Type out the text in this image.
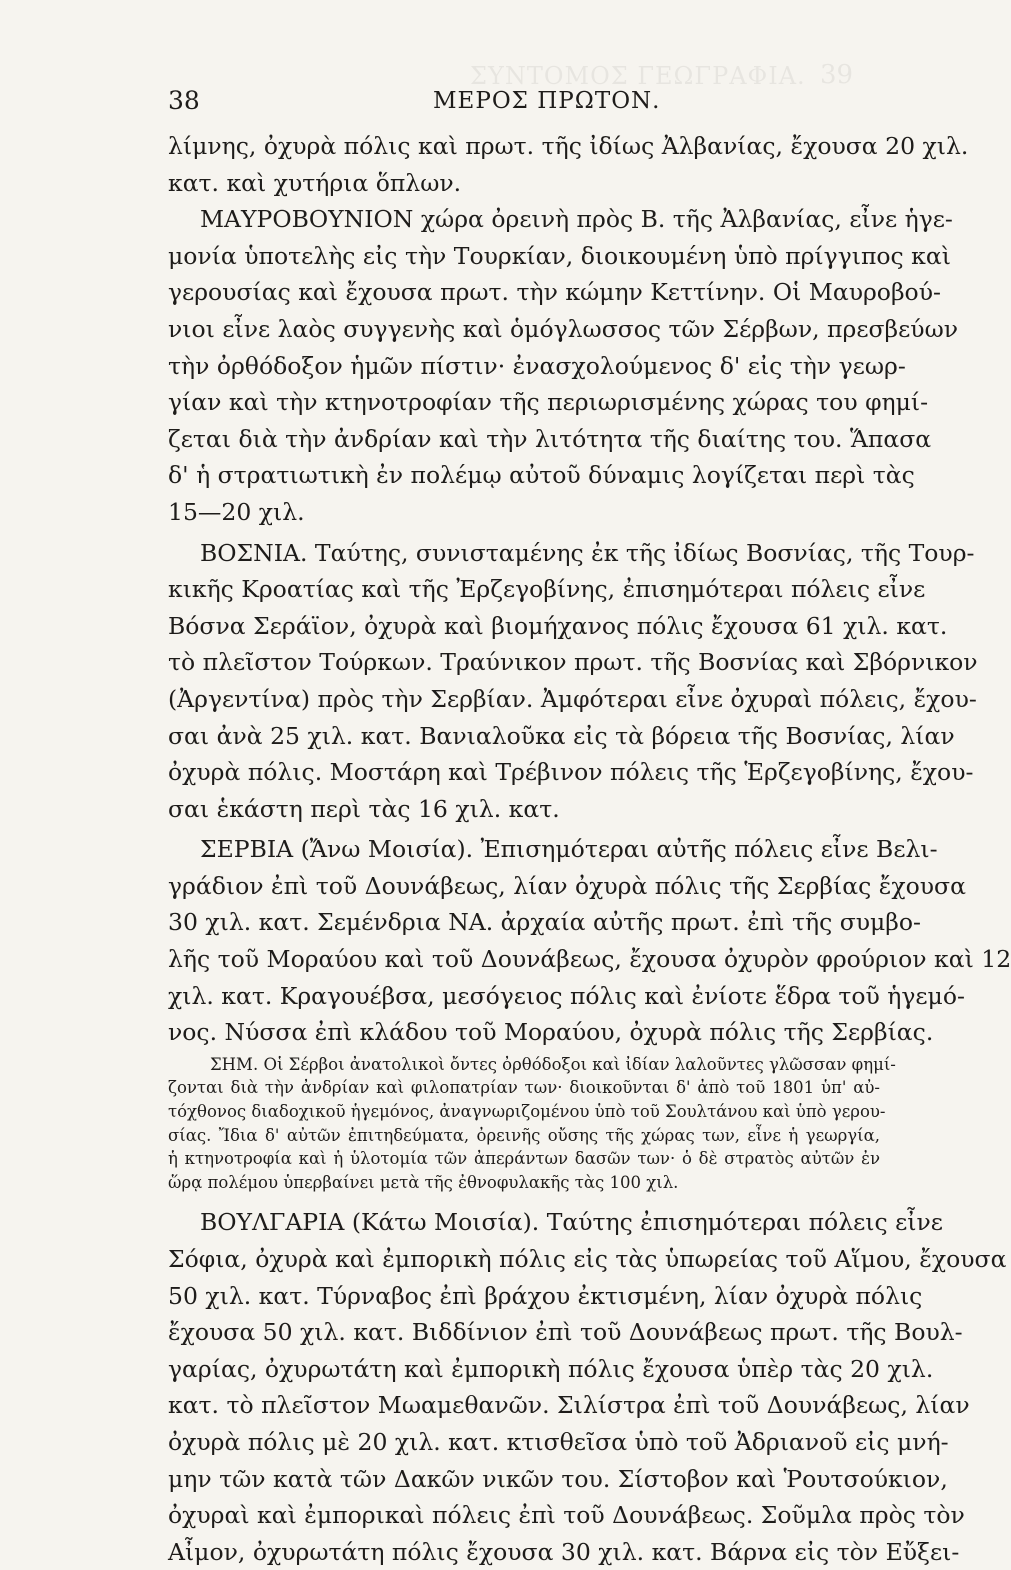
ΣΥΝΤΟΜΟΣ ΓΕΩΓΡΑΦΙΑ. 39
38	ΜΕΡΟΣ ΠΡΩΤΟΝ.
λίμνης, ὀχυρὰ πόλις καὶ πρωτ. τῆς ἰδίως Ἀλβανίας, ἔχουσα 20 χιλ.
κατ. καὶ χυτήρια ὅπλων.
ΜΑΥΡΟΒΟΥΝΙΟΝ χώρα ὀρεινὴ πρὸς Β. τῆς Ἀλβανίας, εἶνε ἡγε-
μονία ὑποτελὴς εἰς τὴν Τουρκίαν, διοικουμένη ὑπὸ πρίγγιπος καὶ
γερουσίας καὶ ἔχουσα πρωτ. τὴν κώμην Κεττίνην. Οἱ Μαυροβού-
νιοι εἶνε λαὸς συγγενὴς καὶ ὁμόγλωσσος τῶν Σέρβων, πρεσβεύων
τὴν ὀρθόδοξον ἡμῶν πίστιν· ἐνασχολούμενος δ' εἰς τὴν γεωρ-
γίαν καὶ τὴν κτηνοτροφίαν τῆς περιωρισμένης χώρας του φημί-
ζεται διὰ τὴν ἀνδρίαν καὶ τὴν λιτότητα τῆς διαίτης του. Ἅπασα
δ' ἡ στρατιωτικὴ ἐν πολέμῳ αὐτοῦ δύναμις λογίζεται περὶ τὰς
15—20 χιλ.
ΒΟΣΝΙΑ. Ταύτης, συνισταμένης ἐκ τῆς ἰδίως Βοσνίας, τῆς Τουρ-
κικῆς Κροατίας καὶ τῆς Ἐρζεγοβίνης, ἐπισημότεραι πόλεις εἶνε
Βόσνα Σεράϊον, ὀχυρὰ καὶ βιομήχανος πόλις ἔχουσα 61 χιλ. κατ.
τὸ πλεῖστον Τούρκων. Τραύνικον πρωτ. τῆς Βοσνίας καὶ Σβόρνικον
(Ἀργεντίνα) πρὸς τὴν Σερβίαν. Ἀμφότεραι εἶνε ὀχυραὶ πόλεις, ἔχου-
σαι ἀνὰ 25 χιλ. κατ. Βανιαλοῦκα εἰς τὰ βόρεια τῆς Βοσνίας, λίαν
ὀχυρὰ πόλις. Μοστάρη καὶ Τρέβινον πόλεις τῆς Ἑρζεγοβίνης, ἔχου-
σαι ἑκάστη περὶ τὰς 16 χιλ. κατ.
ΣΕΡΒΙΑ (Ἄνω Μοισία). Ἐπισημότεραι αὐτῆς πόλεις εἶνε Βελι-
γράδιον ἐπὶ τοῦ Δουνάβεως, λίαν ὀχυρὰ πόλις τῆς Σερβίας ἔχουσα
30 χιλ. κατ. Σεμένδρια ΝΑ. ἀρχαία αὐτῆς πρωτ. ἐπὶ τῆς συμβο-
λῆς τοῦ Μοραύου καὶ τοῦ Δουνάβεως, ἔχουσα ὀχυρὸν φρούριον καὶ 12
χιλ. κατ. Κραγουέβσα, μεσόγειος πόλις καὶ ἐνίοτε ἕδρα τοῦ ἡγεμό-
νος. Νύσσα ἐπὶ κλάδου τοῦ Μοραύου, ὀχυρὰ πόλις τῆς Σερβίας.
ΣΗΜ. Οἱ Σέρβοι ἀνατολικοὶ ὄντες ὀρθόδοξοι καὶ ἰδίαν λαλοῦντες γλῶσσαν φημί-
ζονται διὰ τὴν ἀνδρίαν καὶ φιλοπατρίαν των· διοικοῦνται δ' ἀπὸ τοῦ 1801 ὑπ' αὐ-
τόχθονος διαδοχικοῦ ἡγεμόνος, ἀναγνωριζομένου ὑπὸ τοῦ Σουλτάνου καὶ ὑπὸ γερου-
σίας. Ἴδια δ' αὐτῶν ἐπιτηδεύματα, ὀρεινῆς οὔσης τῆς χώρας των, εἶνε ἡ γεωργία,
ἡ κτηνοτροφία καὶ ἡ ὑλοτομία τῶν ἀπεράντων δασῶν των· ὁ δὲ στρατὸς αὐτῶν ἐν
ὥρᾳ πολέμου ὑπερβαίνει μετὰ τῆς ἐθνοφυλακῆς τὰς 100 χιλ.
ΒΟΥΛΓΑΡΙΑ (Κάτω Μοισία). Ταύτης ἐπισημότεραι πόλεις εἶνε
Σόφια, ὀχυρὰ καὶ ἐμπορικὴ πόλις εἰς τὰς ὑπωρείας τοῦ Αἵμου, ἔχουσα
50 χιλ. κατ. Τύρναβος ἐπὶ βράχου ἐκτισμένη, λίαν ὀχυρὰ πόλις
ἔχουσα 50 χιλ. κατ. Βιδδίνιον ἐπὶ τοῦ Δουνάβεως πρωτ. τῆς Βουλ-
γαρίας, ὀχυρωτάτη καὶ ἐμπορικὴ πόλις ἔχουσα ὑπὲρ τὰς 20 χιλ.
κατ. τὸ πλεῖστον Μωαμεθανῶν. Σιλίστρα ἐπὶ τοῦ Δουνάβεως, λίαν
ὀχυρὰ πόλις μὲ 20 χιλ. κατ. κτισθεῖσα ὑπὸ τοῦ Ἀδριανοῦ εἰς μνή-
μην τῶν κατὰ τῶν Δακῶν νικῶν του. Σίστοβον καὶ Ῥουτσούκιον,
ὀχυραὶ καὶ ἐμπορικαὶ πόλεις ἐπὶ τοῦ Δουνάβεως. Σοῦμλα πρὸς τὸν
Αἶμον, ὀχυρωτάτη πόλις ἔχουσα 30 χιλ. κατ. Βάρνα εἰς τὸν Εὔξει-
